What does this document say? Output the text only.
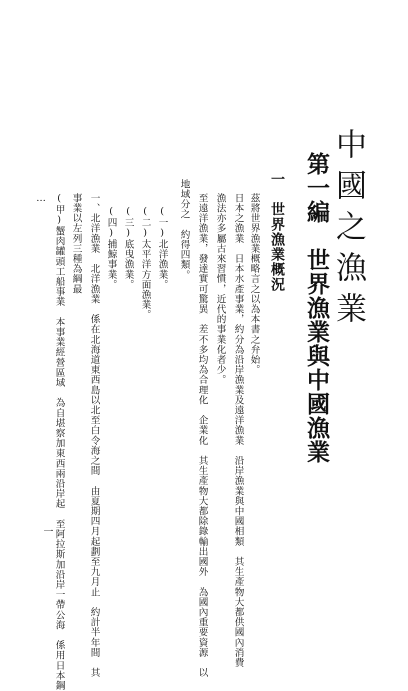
中國之漁業
第一編　世界漁業與中國漁業
一　世界漁業概況
茲將世界漁業概略言之以為本書之弁始。
日本之漁業　日本水產事業，約分為沿岸漁業及遠洋漁業　沿岸漁業與中國相類　其生產物大都供國內消費
漁法亦多屬古來習慣，近代的事業化者少。
至遠洋漁業，發達實可驚異　差不多均為合理化　企業化　其生產物大都除錄輸出國外　為國內重要資源　以
地域分之　約得四類。
(一)北洋漁業。
(二)太平洋方面漁業。
(三)底曳漁業。
(四)捕鯨事業。
一、北洋漁業　北洋漁業　係在北海道東西島以北至白令海之間　由夏期四月起劃至九月止　約計半年間　其
事業以左列三種為綱最
(甲)蟹肉罐頭工船事業　本事業經營區域　為自堪察加東西兩沿岸起　至阿拉斯加沿岸一帶公海　係用日本鋼
…
一
